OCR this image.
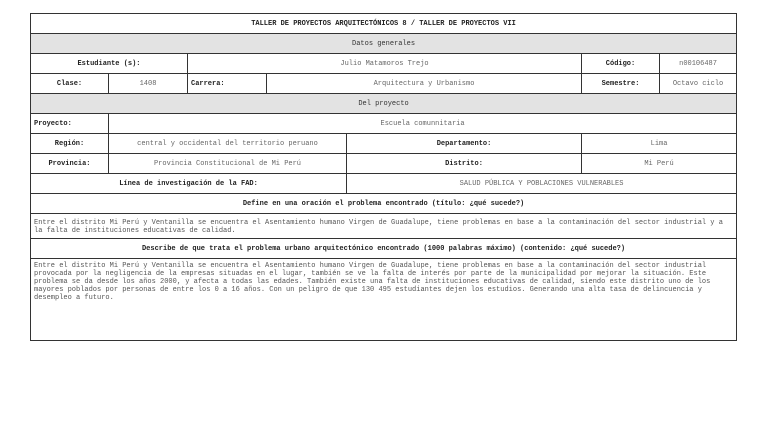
TALLER DE PROYECTOS ARQUITECTÓNICOS 8 / TALLER DE PROYECTOS VII						
Datos generales						
Estudiante (s):		Julio Matamoros Trejo			Código:	n00106487
Clase:	1408	Carrera:	Arquitectura y Urbanismo		Semestre:	Octavo ciclo
Del proyecto						
Proyecto:	Escuela comunnitaria					
Región:	central y occidental del territorio peruano			Departamento:	Lima	
Provincia:	Provincia Constitucional de Mi Perú			Distrito:	Mi Perú	
Línea de investigación de la FAD:				SALUD PÚBLICA Y POBLACIONES VULNERABLES		
Define en una oración el problema encontrado (título: ¿qué sucede?)						
Entre el distrito Mi Perú y Ventanilla se encuentra el Asentamiento humano Virgen de Guadalupe, tiene problemas en base a la contaminación del sector industrial y a la falta de instituciones educativas de calidad.						
Describe de que trata el problema urbano arquitectónico encontrado (1000 palabras máximo) (contenido: ¿qué sucede?)						
Entre el distrito Mi Perú y Ventanilla se encuentra el Asentamiento humano Virgen de Guadalupe, tiene problemas en base a la contaminación del sector industrial provocada por la negligencia de la empresas situadas en el lugar, también se ve la falta de interés por parte de la municipalidad por mejorar la situación. Este problema se da desde los años 2000, y afecta a todas las edades. También existe una falta de instituciones educativas de calidad, siendo este distrito uno de los mayores poblados por personas de entre los 0 a 16 años. Con un peligro de que 130 495 estudiantes dejen los estudios. Generando una alta tasa de delincuencia y desempleo a futuro.						
